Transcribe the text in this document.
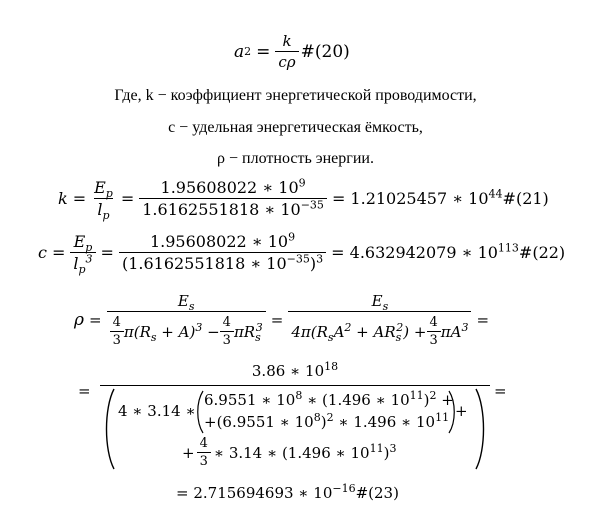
a $2 = \frac{k}{c\rho}$ #(20)
Где, k − коэффициент энергетической проводимости,
c − удельная энергетическая ёмкость,
ρ − плотность энергии.
$k = \frac{E_p}{l_p} = \frac{1.95608022 ∗ 10^9}{1.6162551818 ∗ 10^{-35}} = 1.21025457$ ∗ $10^{44}\#(21)$
$c = \frac{E_p}{l_p^3} = \frac{1.95608022 ∗ 10^9}{(1.6162551818 ∗ 10^{-35})^3} = 4.632942079$ ∗ $10^{113}\#(22)$
ρ =
$E_s$
$\frac{4}{3} \pi(R_s + A)^3 - \frac{4}{3} \pi R_s^3$ =
$E_s$
$4\pi(R_sA^2 + AR_s^2) + \frac{4}{3} \pi A^3$ =
=	=
3.86 ∗ $10^{18}$
4 ∗ 3.14 ∗
6.9551 ∗ $10^8$ ∗ (1.496 ∗ $10^{11})^2$ +
+(6.9551 ∗ $10^8)^2$ ∗ 1.496 ∗ $10^{11}$ +
+ $\frac{4}{3}$ ∗ 3.14 ∗ (1.496 ∗ $10^{11})^3$
= 2.715694693 ∗ $10^{-16}\#(23)$
